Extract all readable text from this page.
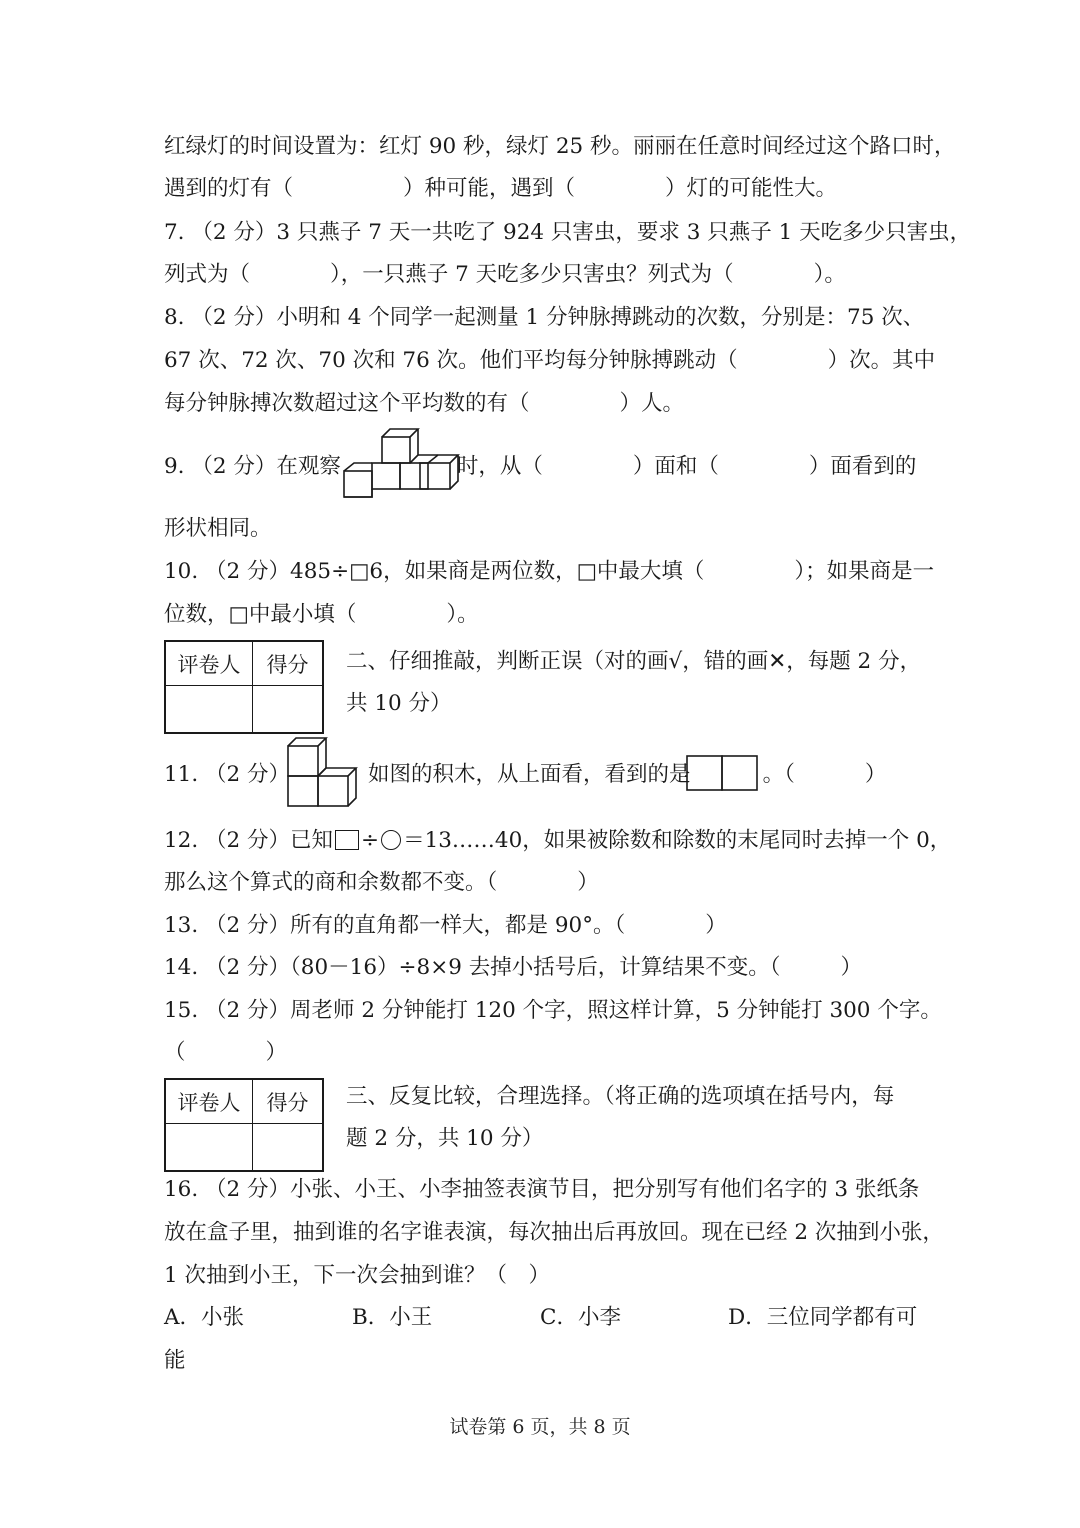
红绿灯的时间设置为：红灯 90 秒，绿灯 25 秒。丽丽在任意时间经过这个路口时，
遇到的灯有（	）种可能，遇到（	）灯的可能性大。
7. （2 分）3 只燕子 7 天一共吃了 924 只害虫，要求 3 只燕子 1 天吃多少只害虫，
列式为（	），一只燕子 7 天吃多少只害虫？列式为（	）。
8. （2 分）小明和 4 个同学一起测量 1 分钟脉搏跳动的次数，分别是：75 次、
67 次、72 次、70 次和 76 次。他们平均每分钟脉搏跳动（	）次。其中
每分钟脉搏次数超过这个平均数的有（	）人。
9. （2 分）在观察	时，从（	）面和（	）面看到的
形状相同。
10. （2 分）485÷□6，如果商是两位数，□中最大填（	）；如果商是一
位数，□中最小填（	）。
评卷人	得分	二、仔细推敲，判断正误（对的画√，错的画✕，每题 2 分，
共 10 分）
11. （2 分）	如图的积木，从上面看，看到的是	。（	）
12. （2 分）已知 ÷ ＝13……40，如果被除数和除数的末尾同时去掉一个 0，
那么这个算式的商和余数都不变。（	）
13. （2 分）所有的直角都一样大，都是 90°。（	）
14. （2 分）（80－16）÷8×9 去掉小括号后，计算结果不变。（	）
15. （2 分）周老师 2 分钟能打 120 个字，照这样计算，5 分钟能打 300 个字。
（	）
评卷人	得分	三、反复比较，合理选择。（将正确的选项填在括号内，每
题 2 分，共 10 分）
16. （2 分）小张、小王、小李抽签表演节目，把分别写有他们名字的 3 张纸条
放在盒子里，抽到谁的名字谁表演，每次抽出后再放回。现在已经 2 次抽到小张，
1 次抽到小王，下一次会抽到谁？（　）
A．小张	B．小王	C．小李	D．三位同学都有可
能
试卷第 6 页，共 8 页
